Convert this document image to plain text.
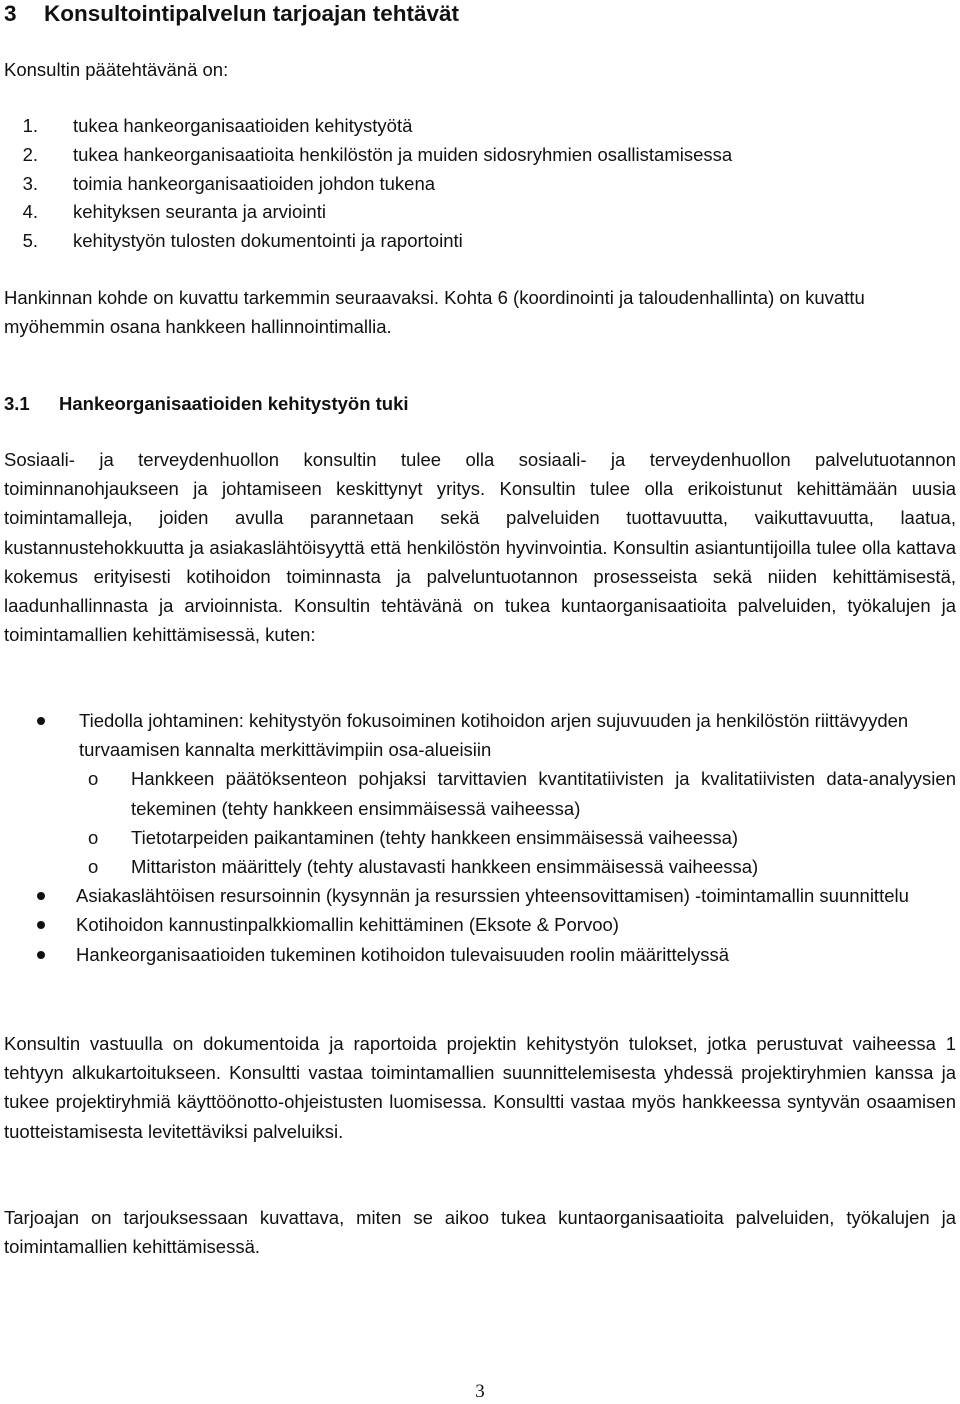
3 Konsultointipalvelun tarjoajan tehtävät

Konsultin päätehtävänä on:

1. tukea hankeorganisaatioiden kehitystyötä
2. tukea hankeorganisaatioita henkilöstön ja muiden sidosryhmien osallistamisessa
3. toimia hankeorganisaatioiden johdon tukena
4. kehityksen seuranta ja arviointi
5. kehitystyön tulosten dokumentointi ja raportointi

Hankinnan kohde on kuvattu tarkemmin seuraavaksi. Kohta 6 (koordinointi ja taloudenhallinta) on kuvattu myöhemmin osana hankkeen hallinnointimallia.

3.1 Hankeorganisaatioiden kehitystyön tuki

Sosiaali- ja terveydenhuollon konsultin tulee olla sosiaali- ja terveydenhuollon palvelutuotannon toiminnanohjaukseen ja johtamiseen keskittynyt yritys. Konsultin tulee olla erikoistunut kehittämään uusia toimintamalleja, joiden avulla parannetaan sekä palveluiden tuottavuutta, vaikuttavuutta, laatua, kustannustehokkuutta ja asiakaslähtöisyyttä että henkilöstön hyvinvointia. Konsultin asiantuntijoilla tulee olla kattava kokemus erityisesti kotihoidon toiminnasta ja palveluntuotannon prosesseista sekä niiden kehittämisestä, laadunhallinnasta ja arvioinnista. Konsultin tehtävänä on tukea kuntaorganisaatioita palveluiden, työkalujen ja toimintamallien kehittämisessä, kuten:

Tiedolla johtaminen: kehitystyön fokusoiminen kotihoidon arjen sujuvuuden ja henkilöstön riittävyyden turvaamisen kannalta merkittävimpiin osa-alueisiin
o Hankkeen päätöksenteon pohjaksi tarvittavien kvantitatiivisten ja kvalitatiivisten data-analyysien tekeminen (tehty hankkeen ensimmäisessä vaiheessa)
o Tietotarpeiden paikantaminen (tehty hankkeen ensimmäisessä vaiheessa)
o Mittariston määrittely (tehty alustavasti hankkeen ensimmäisessä vaiheessa)
Asiakaslähtöisen resursoinnin (kysynnän ja resurssien yhteensovittamisen) -toimintamallin suunnittelu
Kotihoidon kannustinpalkkiomallin kehittäminen (Eksote & Porvoo)
Hankeorganisaatioiden tukeminen kotihoidon tulevaisuuden roolin määrittelyssä

Konsultin vastuulla on dokumentoida ja raportoida projektin kehitystyön tulokset, jotka perustuvat vaiheessa 1 tehtyyn alkukartoitukseen. Konsultti vastaa toimintamallien suunnittelemisesta yhdessä projektiryhmien kanssa ja tukee projektiryhmiä käyttöönotto-ohjeistusten luomisessa. Konsultti vastaa myös hankkeessa syntyvän osaamisen tuotteistamisesta levitettäviksi palveluiksi.

Tarjoajan on tarjouksessaan kuvattava, miten se aikoo tukea kuntaorganisaatioita palveluiden, työkalujen ja toimintamallien kehittämisessä.

3
